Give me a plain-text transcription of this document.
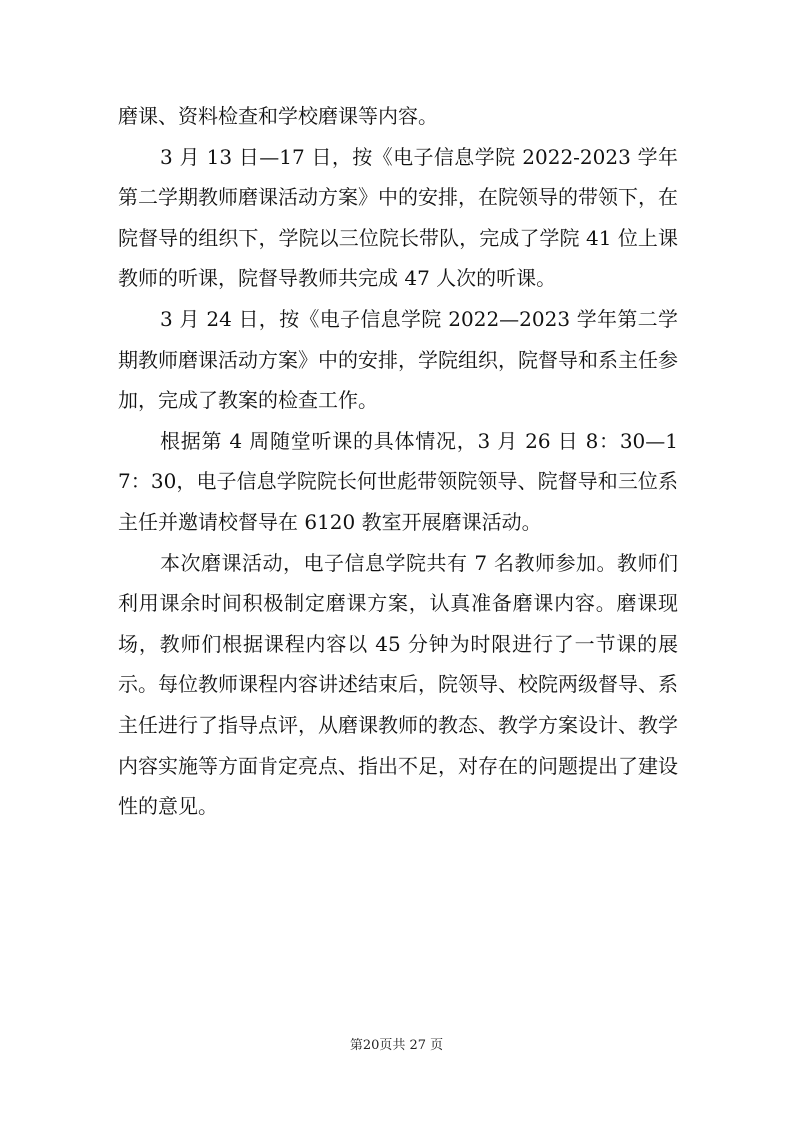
磨课、资料检查和学校磨课等内容。

3 月 13 日—17 日，按《电子信息学院 2022-2023 学年第二学期教师磨课活动方案》中的安排，在院领导的带领下，在院督导的组织下，学院以三位院长带队，完成了学院 41 位上课教师的听课，院督导教师共完成 47 人次的听课。

3 月 24 日，按《电子信息学院 2022—2023 学年第二学期教师磨课活动方案》中的安排，学院组织，院督导和系主任参加，完成了教案的检查工作。

根据第 4 周随堂听课的具体情况，3 月 26 日 8：30—17：30，电子信息学院院长何世彪带领院领导、院督导和三位系主任并邀请校督导在 6120 教室开展磨课活动。

本次磨课活动，电子信息学院共有 7 名教师参加。教师们利用课余时间积极制定磨课方案，认真准备磨课内容。磨课现场，教师们根据课程内容以 45 分钟为时限进行了一节课的展示。每位教师课程内容讲述结束后，院领导、校院两级督导、系主任进行了指导点评，从磨课教师的教态、教学方案设计、教学内容实施等方面肯定亮点、指出不足，对存在的问题提出了建设性的意见。

第20页共 27 页
